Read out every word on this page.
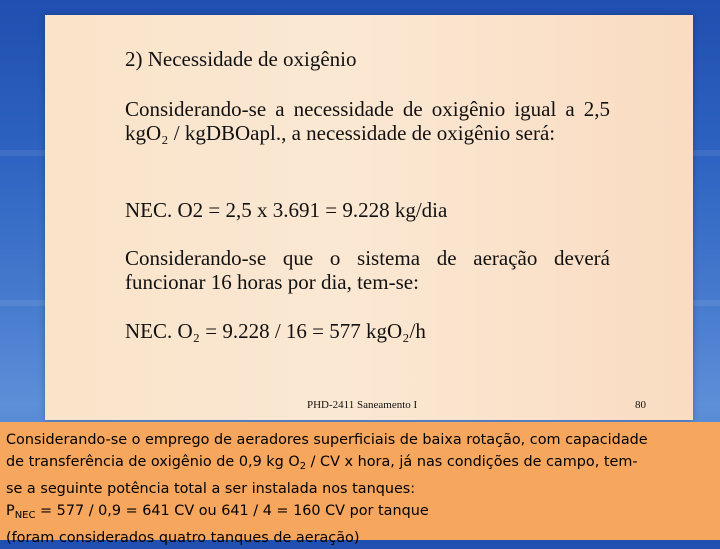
2) Necessidade de oxigênio
Considerando-se a necessidade de oxigênio igual a 2,5 kgO₂ / kgDBOapl., a necessidade de oxigênio será:
NEC. O2 = 2,5 x 3.691 = 9.228 kg/dia
Considerando-se que o sistema de aeração deverá funcionar 16 horas por dia, tem-se:
NEC. O₂ = 9.228 / 16 = 577 kgO₂/h
PHD-2411 Saneamento I	80
Considerando-se o emprego de aeradores superficiais de baixa rotação, com capacidade
de transferência de oxigênio de 0,9 kg $O_2$ / CV x hora, já nas condições de campo, tem-
se a seguinte potência total a ser instalada nos tanques:
$P_{NEC} = 577 / 0,9 = 641$ CV ou 641 / 4 = 160 CV por tanque
(foram considerados quatro tanques de aeração)
